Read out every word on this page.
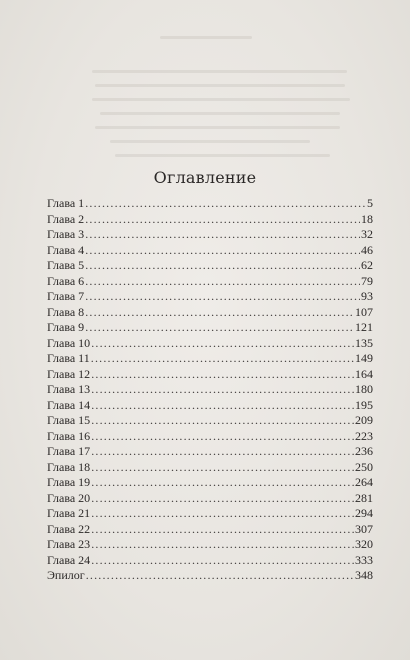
Оглавление
Глава 1 .....	5
Глава 2 .....	18
Глава 3 .....	32
Глава 4 .....	46
Глава 5 .....	62
Глава 6 .....	79
Глава 7 .....	93
Глава 8 .....	107
Глава 9 .....	121
Глава 10 .....	135
Глава 11 .....	149
Глава 12 .....	164
Глава 13 .....	180
Глава 14 .....	195
Глава 15 .....	209
Глава 16 .....	223
Глава 17 .....	236
Глава 18 .....	250
Глава 19 .....	264
Глава 20 .....	281
Глава 21 .....	294
Глава 22 .....	307
Глава 23 .....	320
Глава 24 .....	333
Эпилог .....	348
